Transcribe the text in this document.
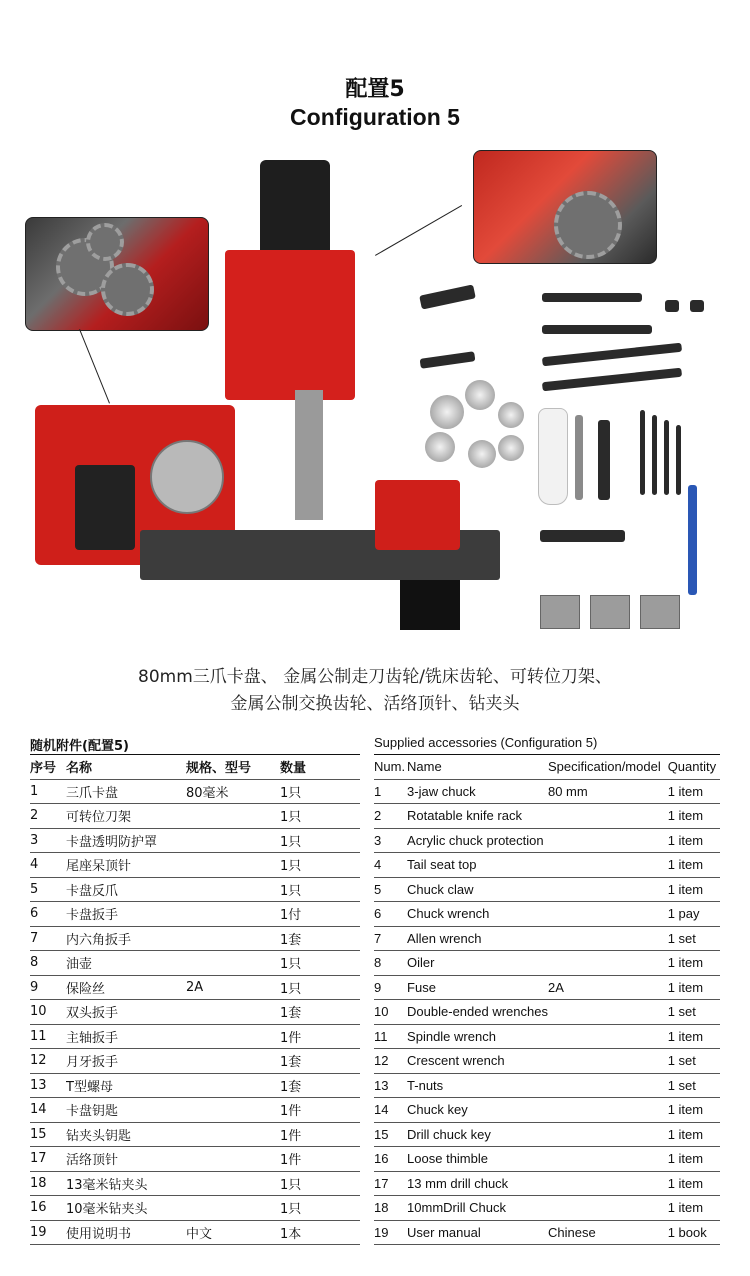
配置5
Configuration 5
80mm三爪卡盘、 金属公制走刀齿轮/铣床齿轮、可转位刀架、
金属公制交换齿轮、活络顶针、钻夹头
随机附件(配置5)	Supplied accessories (Configuration 5)
序号	名称	规格、型号	数量
1	三爪卡盘	80毫米	1只
2	可转位刀架		1只
3	卡盘透明防护罩		1只
4	尾座呆顶针		1只
5	卡盘反爪		1只
6	卡盘扳手		1付
7	内六角扳手		1套
8	油壶		1只
9	保险丝	2A	1只
10	双头扳手		1套
11	主轴扳手		1件
12	月牙扳手		1套
13	T型螺母		1套
14	卡盘钥匙		1件
15	钻夹头钥匙		1件
17	活络顶针		1件
18	13毫米钻夹头		1只
16	10毫米钻夹头		1只
19	使用说明书	中文	1本
Num.	Name	Specification/model	Quantity
1	3-jaw chuck	80 mm	1 item
2	Rotatable knife rack		1 item
3	Acrylic chuck protection		1 item
4	Tail seat top		1 item
5	Chuck claw		1 item
6	Chuck wrench		1 pay
7	Allen wrench		1 set
8	Oiler		1 item
9	Fuse	2A	1 item
10	Double-ended wrenches		1 set
11	Spindle wrench		1 item
12	Crescent wrench		1 set
13	T-nuts		1 set
14	Chuck key		1 item
15	Drill chuck key		1 item
16	Loose thimble		1 item
17	13 mm drill chuck		1 item
18	10mmDrill Chuck		1 item
19	User manual	Chinese	1 book
